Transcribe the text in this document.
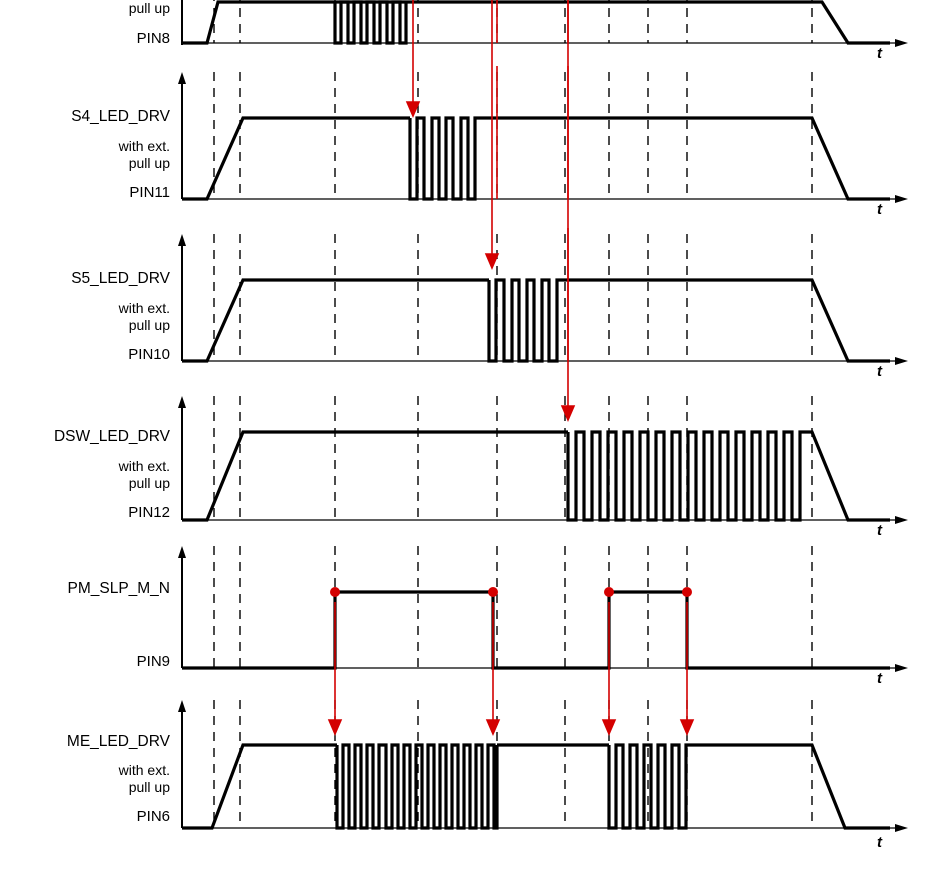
pull up
PIN8
t
S4_LED_DRV
with ext.
pull up
PIN11
t
S5_LED_DRV
with ext.
pull up
PIN10
t
DSW_LED_DRV
with ext.
pull up
PIN12
t
PM_SLP_M_N
PIN9
t
ME_LED_DRV
with ext.
pull up
PIN6
t
